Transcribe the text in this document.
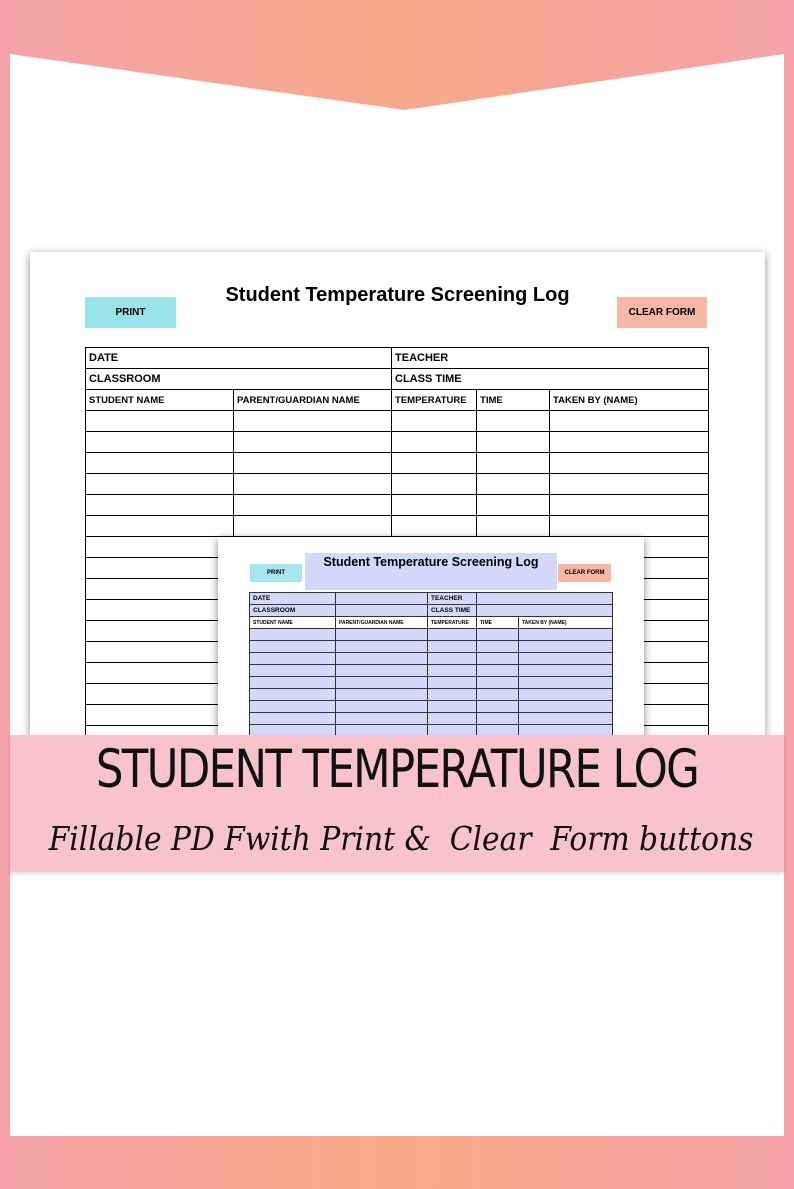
Student Temperature Screening Log
PRINT	CLEAR FORM
DATE		TEACHER		
CLASSROOM		CLASS TIME		
STUDENT NAME	PARENT/GUARDIAN NAME	TEMPERATURE	TIME	TAKEN BY (NAME)

Student Temperature Screening Log
PRINT	CLEAR FORM
DATE		TEACHER		
CLASSROOM		CLASS TIME		
STUDENT NAME	PARENT/GUARDIAN NAME	TEMPERATURE	TIME	TAKEN BY (NAME)

STUDENT TEMPERATURE LOG
Fillable PD Fwith Print &  Clear  Form buttons
